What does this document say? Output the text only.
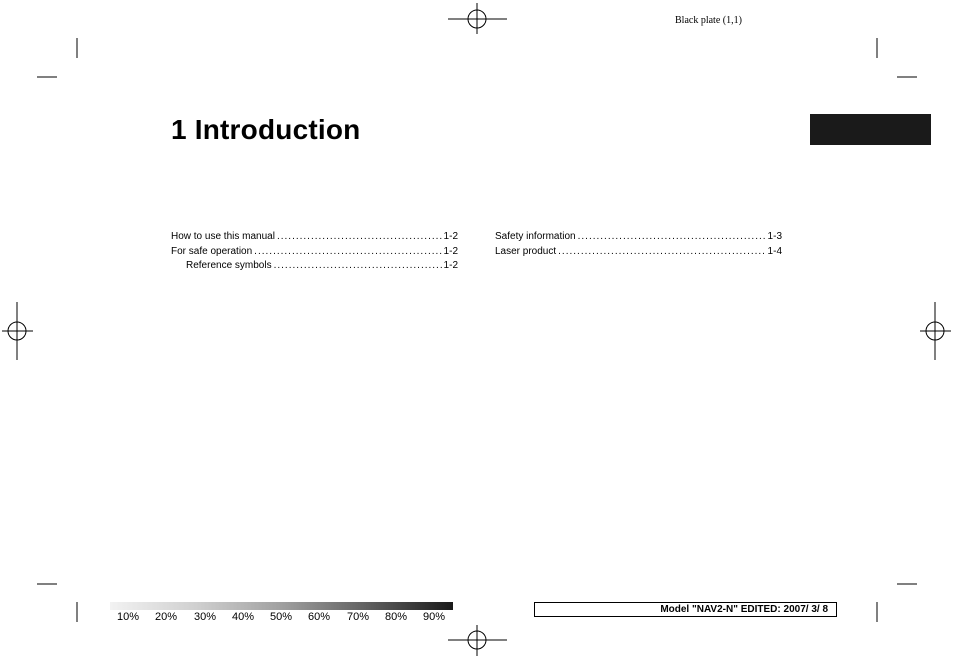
Black plate (1,1)
1 Introduction
How to use this manual .....	1-2
For safe operation .....	1-2
Reference symbols .....	1-2
Safety information .....	1-3
Laser product .....	1-4
10% 20% 30% 40% 50% 60% 70% 80% 90%
Model "NAV2-N" EDITED: 2007/ 3/ 8
